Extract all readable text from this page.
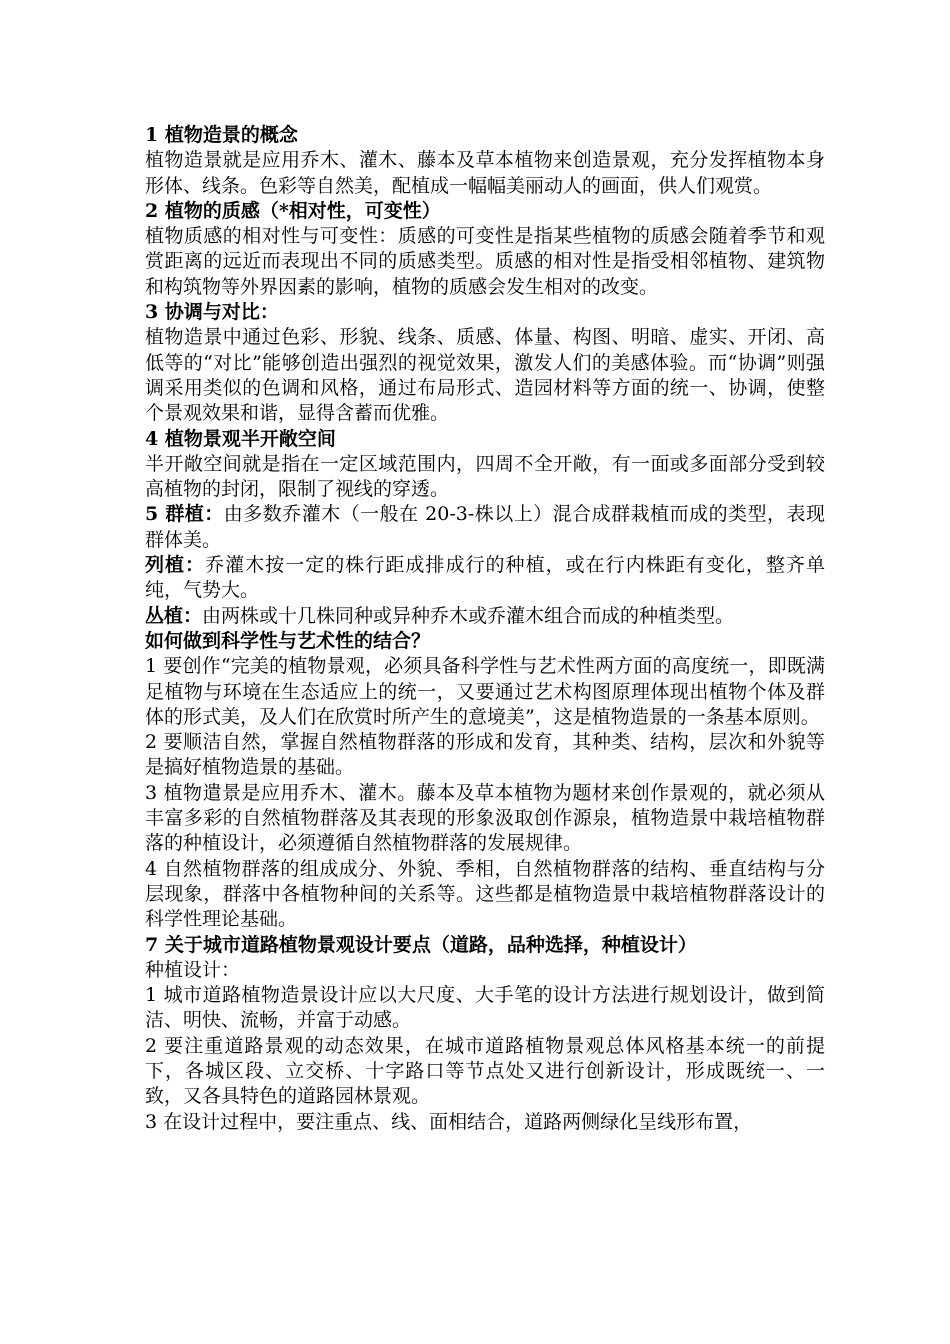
1 植物造景的概念

植物造景就是应用乔木、灌木、藤本及草本植物来创造景观，充分发挥植物本身形体、线条。色彩等自然美，配植成一幅幅美丽动人的画面，供人们观赏。

2 植物的质感（*相对性，可变性）

植物质感的相对性与可变性：质感的可变性是指某些植物的质感会随着季节和观赏距离的远近而表现出不同的质感类型。质感的相对性是指受相邻植物、建筑物和构筑物等外界因素的影响，植物的质感会发生相对的改变。

3 协调与对比：

植物造景中通过色彩、形貌、线条、质感、体量、构图、明暗、虚实、开闭、高低等的“对比”能够创造出强烈的视觉效果，激发人们的美感体验。而“协调”则强调采用类似的色调和风格，通过布局形式、造园材料等方面的统一、协调，使整个景观效果和谐，显得含蓄而优雅。

4 植物景观半开敞空间

半开敞空间就是指在一定区域范围内，四周不全开敞，有一面或多面部分受到较高植物的封闭，限制了视线的穿透。

5 群植：由多数乔灌木（一般在 20-3-株以上）混合成群栽植而成的类型，表现群体美。

列植：乔灌木按一定的株行距成排成行的种植，或在行内株距有变化，整齐单纯，气势大。

丛植：由两株或十几株同种或异种乔木或乔灌木组合而成的种植类型。

如何做到科学性与艺术性的结合？

1 要创作“完美的植物景观，必须具备科学性与艺术性两方面的高度统一，即既满足植物与环境在生态适应上的统一，又要通过艺术构图原理体现出植物个体及群体的形式美，及人们在欣赏时所产生的意境美”，这是植物造景的一条基本原则。

2 要顺洁自然，掌握自然植物群落的形成和发育，其种类、结构，层次和外貌等是搞好植物造景的基础。

3 植物遣景是应用乔木、灌木。藤本及草本植物为题材来创作景观的，就必须从丰富多彩的自然植物群落及其表现的形象汲取创作源泉，植物造景中栽培植物群落的种植设计，必须遵循自然植物群落的发展规律。

4 自然植物群落的组成成分、外貌、季相，自然植物群落的结构、垂直结构与分层现象，群落中各植物种间的关系等。这些都是植物造景中栽培植物群落设计的科学性理论基础。

7 关于城市道路植物景观设计要点（道路，品种选择，种植设计）

种植设计：

1 城市道路植物造景设计应以大尺度、大手笔的设计方法进行规划设计，做到简洁、明快、流畅，并富于动感。

2 要注重道路景观的动态效果，在城市道路植物景观总体风格基本统一的前提下，各城区段、立交桥、十字路口等节点处又进行创新设计，形成既统一、一致，又各具特色的道路园林景观。

3 在设计过程中，要注重点、线、面相结合，道路两侧绿化呈线形布置，
